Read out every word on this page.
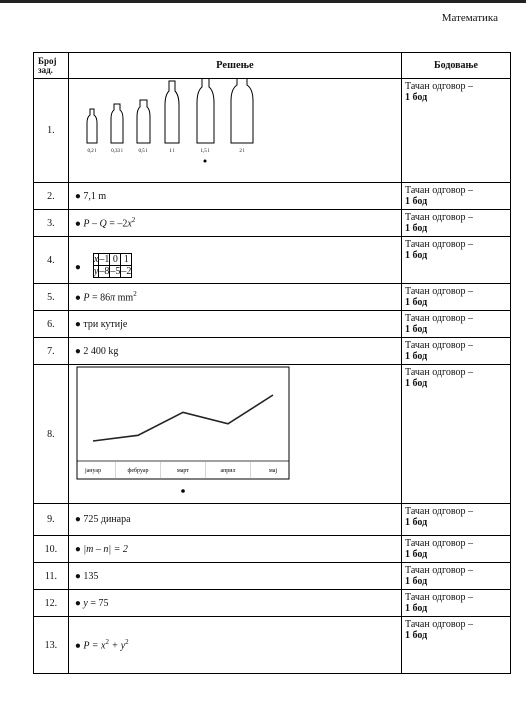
Математика
Број
зад.	Решење	Бодовање
1.	
0,2 l	0,33 l	0,5 l	1 l	1,5 l	2 l
	Тачан одговор –
1 бод
2.	● 7,1 m	Тачан одговор –
1 бод
3.	● $P - Q = -2x^2$	Тачан одговор –
1 бод
4.	
●
x	–1	0	1
y	–8	–5	–2
	Тачан одговор –
1 бод
5.	● P = 86π $mm^2$	Тачан одговор –
1 бод
6.	● три кутије	Тачан одговор –
1 бод
7.	● 2 400 kg	Тачан одговор –
1 бод
8.	
јануар	фебруар	март	април	мај
	Тачан одговор –
1 бод
9.	● 725 динара	Тачан одговор –
1 бод
10.	● |m – n| = 2	Тачан одговор –
1 бод
11.	● 135	Тачан одговор –
1 бод
12.	● y = 75	Тачан одговор –
1 бод
13.	● $P = x^2 + y^2$	Тачан одговор –
1 бод
